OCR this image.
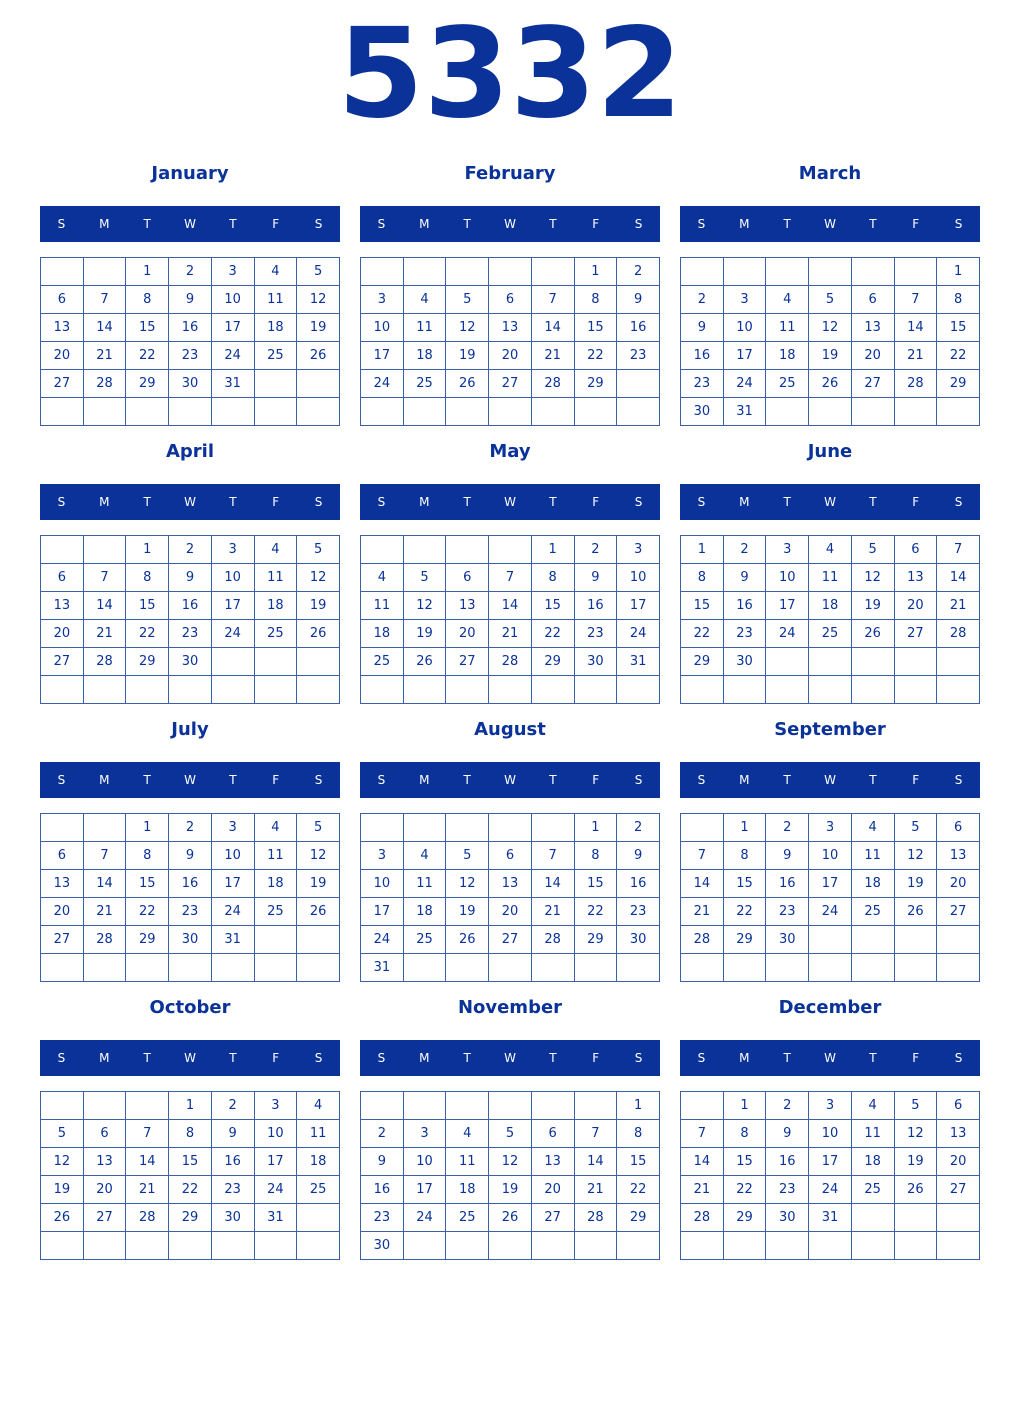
5332
January
S	M	T	W	T	F	S
		1	2	3	4	5
6	7	8	9	10	11	12
13	14	15	16	17	18	19
20	21	22	23	24	25	26
27	28	29	30	31		

February
S	M	T	W	T	F	S
					1	2
3	4	5	6	7	8	9
10	11	12	13	14	15	16
17	18	19	20	21	22	23
24	25	26	27	28	29	

March
S	M	T	W	T	F	S
						1
2	3	4	5	6	7	8
9	10	11	12	13	14	15
16	17	18	19	20	21	22
23	24	25	26	27	28	29
30	31					
April
S	M	T	W	T	F	S
		1	2	3	4	5
6	7	8	9	10	11	12
13	14	15	16	17	18	19
20	21	22	23	24	25	26
27	28	29	30			

May
S	M	T	W	T	F	S
				1	2	3
4	5	6	7	8	9	10
11	12	13	14	15	16	17
18	19	20	21	22	23	24
25	26	27	28	29	30	31

June
S	M	T	W	T	F	S
1	2	3	4	5	6	7
8	9	10	11	12	13	14
15	16	17	18	19	20	21
22	23	24	25	26	27	28
29	30					

July
S	M	T	W	T	F	S
		1	2	3	4	5
6	7	8	9	10	11	12
13	14	15	16	17	18	19
20	21	22	23	24	25	26
27	28	29	30	31		

August
S	M	T	W	T	F	S
					1	2
3	4	5	6	7	8	9
10	11	12	13	14	15	16
17	18	19	20	21	22	23
24	25	26	27	28	29	30
31						
September
S	M	T	W	T	F	S
	1	2	3	4	5	6
7	8	9	10	11	12	13
14	15	16	17	18	19	20
21	22	23	24	25	26	27
28	29	30				

October
S	M	T	W	T	F	S
			1	2	3	4
5	6	7	8	9	10	11
12	13	14	15	16	17	18
19	20	21	22	23	24	25
26	27	28	29	30	31	

November
S	M	T	W	T	F	S
						1
2	3	4	5	6	7	8
9	10	11	12	13	14	15
16	17	18	19	20	21	22
23	24	25	26	27	28	29
30						
December
S	M	T	W	T	F	S
	1	2	3	4	5	6
7	8	9	10	11	12	13
14	15	16	17	18	19	20
21	22	23	24	25	26	27
28	29	30	31			
